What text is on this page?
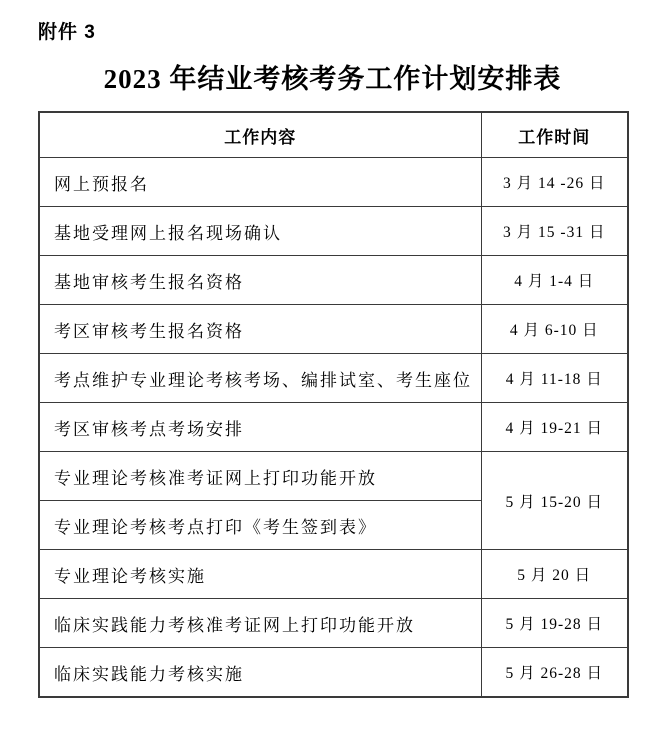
附件 3
2023 年结业考核考务工作计划安排表
工作内容	工作时间
网上预报名	3 月 14 -26 日
基地受理网上报名现场确认	3 月 15 -31 日
基地审核考生报名资格	4 月 1-4 日
考区审核考生报名资格	4 月 6-10 日
考点维护专业理论考核考场、编排试室、考生座位	4 月 11-18 日
考区审核考点考场安排	4 月 19-21 日
专业理论考核准考证网上打印功能开放	5 月 15-20 日
专业理论考核考点打印《考生签到表》	
专业理论考核实施	5 月 20 日
临床实践能力考核准考证网上打印功能开放	5 月 19-28 日
临床实践能力考核实施	5 月 26-28 日
